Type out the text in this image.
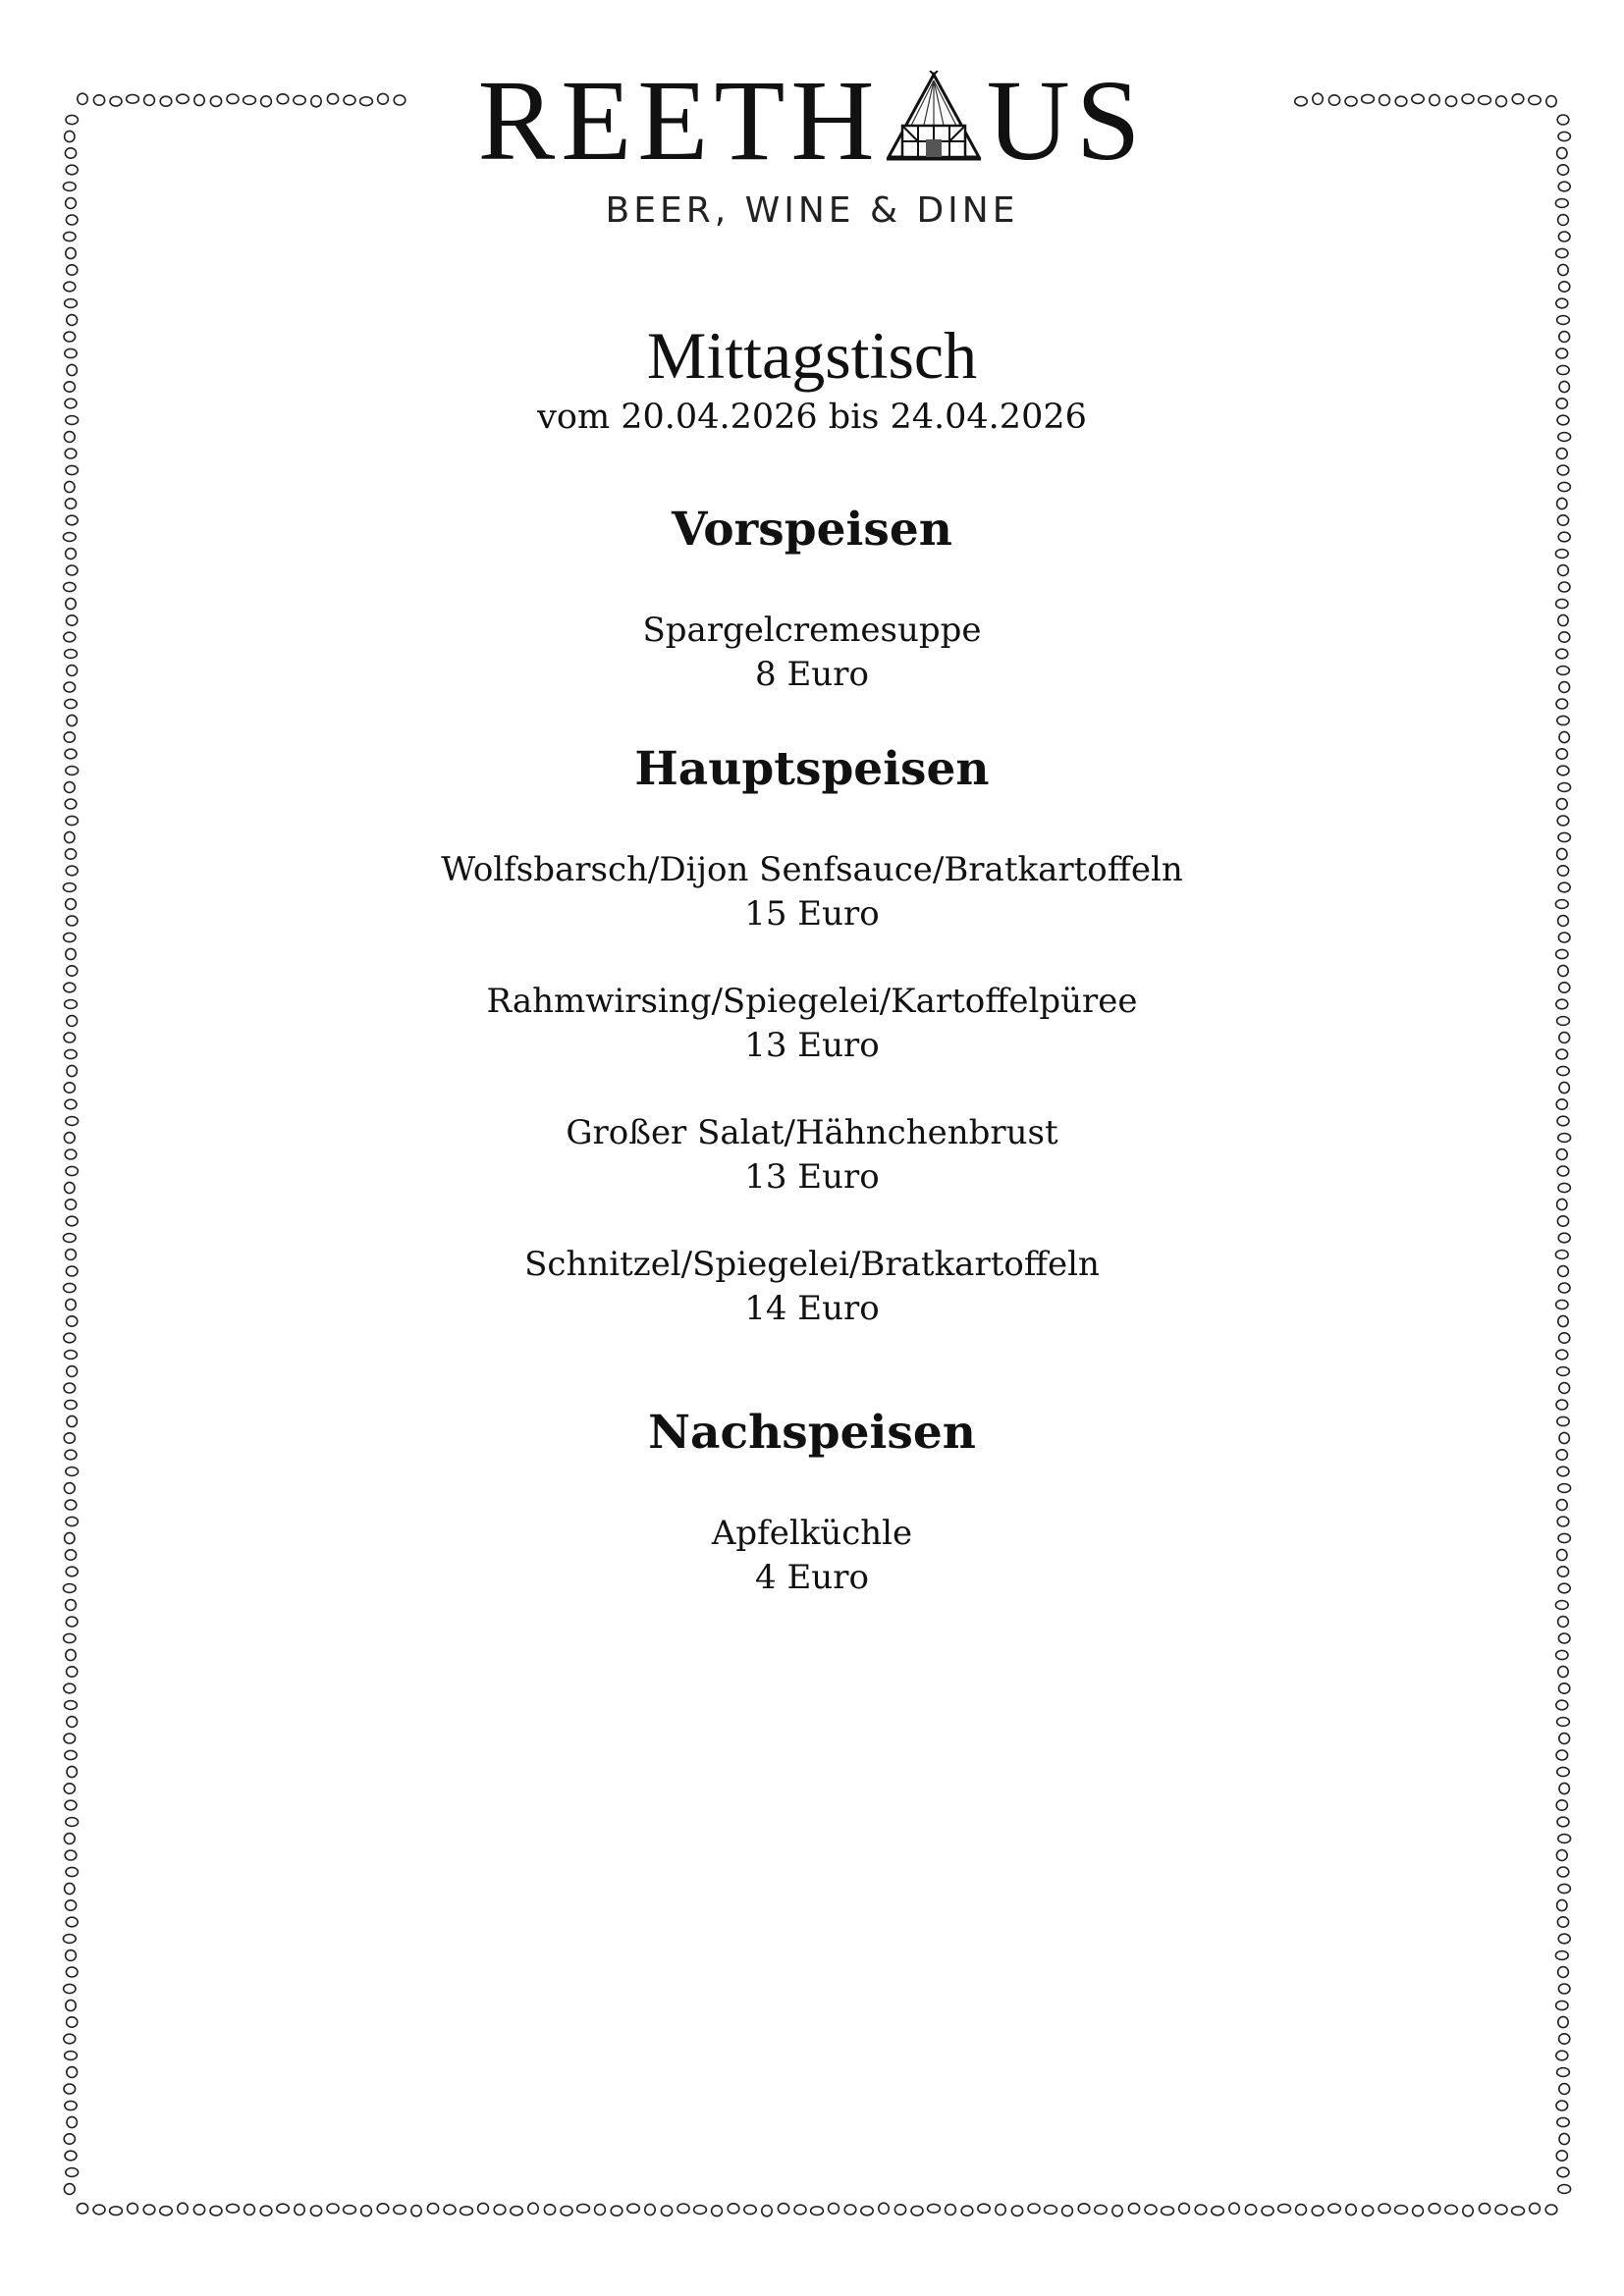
REETH US
BEER, WINE & DINE
Mittagstisch

vom 20.04.2026 bis 24.04.2026

Vorspeisen
Spargelcremesuppe
8 Euro
Hauptspeisen
Wolfsbarsch/Dijon Senfsauce/Bratkartoffeln
15 Euro
Rahmwirsing/Spiegelei/Kartoffelpüree
13 Euro
Großer Salat/Hähnchenbrust
13 Euro
Schnitzel/Spiegelei/Bratkartoffeln
14 Euro
Nachspeisen
Apfelküchle
4 Euro
